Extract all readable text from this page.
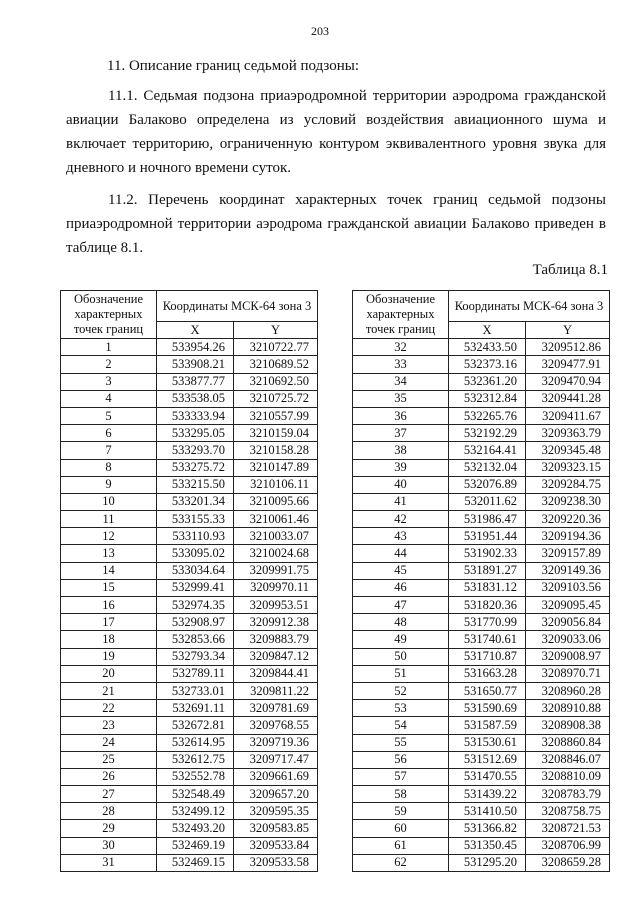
203
11. Описание границ седьмой подзоны:
11.1. Седьмая подзона приаэродромной территории аэродрома гражданской авиации Балаково определена из условий воздействия авиационного шума и включает территорию, ограниченную контуром эквивалентного уровня звука для дневного и ночного времени суток.
11.2. Перечень координат характерных точек границ седьмой подзоны приаэродромной территории аэродрома гражданской авиации Балаково приведен в таблице 8.1.
Таблица 8.1
Обозначение характерных точек границ	Координаты МСК-64 зона 3	
	X	Y
1	533954.26	3210722.77
2	533908.21	3210689.52
3	533877.77	3210692.50
4	533538.05	3210725.72
5	533333.94	3210557.99
6	533295.05	3210159.04
7	533293.70	3210158.28
8	533275.72	3210147.89
9	533215.50	3210106.11
10	533201.34	3210095.66
11	533155.33	3210061.46
12	533110.93	3210033.07
13	533095.02	3210024.68
14	533034.64	3209991.75
15	532999.41	3209970.11
16	532974.35	3209953.51
17	532908.97	3209912.38
18	532853.66	3209883.79
19	532793.34	3209847.12
20	532789.11	3209844.41
21	532733.01	3209811.22
22	532691.11	3209781.69
23	532672.81	3209768.55
24	532614.95	3209719.36
25	532612.75	3209717.47
26	532552.78	3209661.69
27	532548.49	3209657.20
28	532499.12	3209595.35
29	532493.20	3209583.85
30	532469.19	3209533.84
31	532469.15	3209533.58
Обозначение характерных точек границ	Координаты МСК-64 зона 3	
	X	Y
32	532433.50	3209512.86
33	532373.16	3209477.91
34	532361.20	3209470.94
35	532312.84	3209441.28
36	532265.76	3209411.67
37	532192.29	3209363.79
38	532164.41	3209345.48
39	532132.04	3209323.15
40	532076.89	3209284.75
41	532011.62	3209238.30
42	531986.47	3209220.36
43	531951.44	3209194.36
44	531902.33	3209157.89
45	531891.27	3209149.36
46	531831.12	3209103.56
47	531820.36	3209095.45
48	531770.99	3209056.84
49	531740.61	3209033.06
50	531710.87	3209008.97
51	531663.28	3208970.71
52	531650.77	3208960.28
53	531590.69	3208910.88
54	531587.59	3208908.38
55	531530.61	3208860.84
56	531512.69	3208846.07
57	531470.55	3208810.09
58	531439.22	3208783.79
59	531410.50	3208758.75
60	531366.82	3208721.53
61	531350.45	3208706.99
62	531295.20	3208659.28
